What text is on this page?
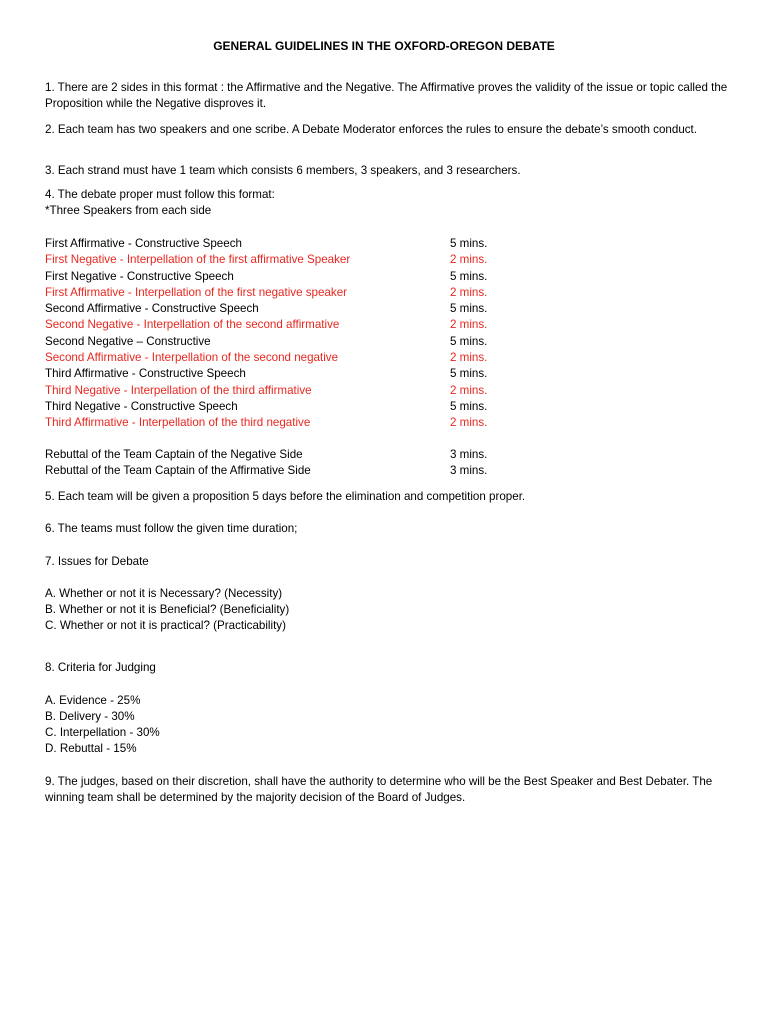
GENERAL GUIDELINES IN THE OXFORD-OREGON DEBATE

1. There are 2 sides in this format : the Affirmative and the Negative. The Affirmative proves the validity of the issue or topic called the Proposition while the Negative disproves it.

2. Each team has two speakers and one scribe. A Debate Moderator enforces the rules to ensure the debate’s smooth conduct.

3. Each strand must have 1 team which consists 6 members, 3 speakers, and 3 researchers.

4. The debate proper must follow this format:

*Three Speakers from each side

First Affirmative - Constructive Speech	5 mins.
First Negative - Interpellation of the first affirmative Speaker	2 mins.
First Negative - Constructive Speech	5 mins.
First Affirmative - Interpellation of the first negative speaker	2 mins.
Second Affirmative - Constructive Speech	5 mins.
Second Negative - Interpellation of the second affirmative	2 mins.
Second Negative – Constructive	5 mins.
Second Affirmative - Interpellation of the second negative	2 mins.
Third Affirmative - Constructive Speech	5 mins.
Third Negative - Interpellation of the third affirmative	2 mins.
Third Negative - Constructive Speech	5 mins.
Third Affirmative - Interpellation of the third negative	2 mins.
Rebuttal of the Team Captain of the Negative Side	3 mins.
Rebuttal of the Team Captain of the Affirmative Side	3 mins.

5. Each team will be given a proposition 5 days before the elimination and competition proper.

6. The teams must follow the given time duration;

7. Issues for Debate

A. Whether or not it is Necessary? (Necessity)

B. Whether or not it is Beneficial? (Beneficiality)

C. Whether or not it is practical? (Practicability)

8. Criteria for Judging

A. Evidence - 25%

B. Delivery - 30%

C. Interpellation - 30%

D. Rebuttal - 15%

9. The judges, based on their discretion, shall have the authority to determine who will be the Best Speaker and Best Debater. The winning team shall be determined by the majority decision of the Board of Judges.
